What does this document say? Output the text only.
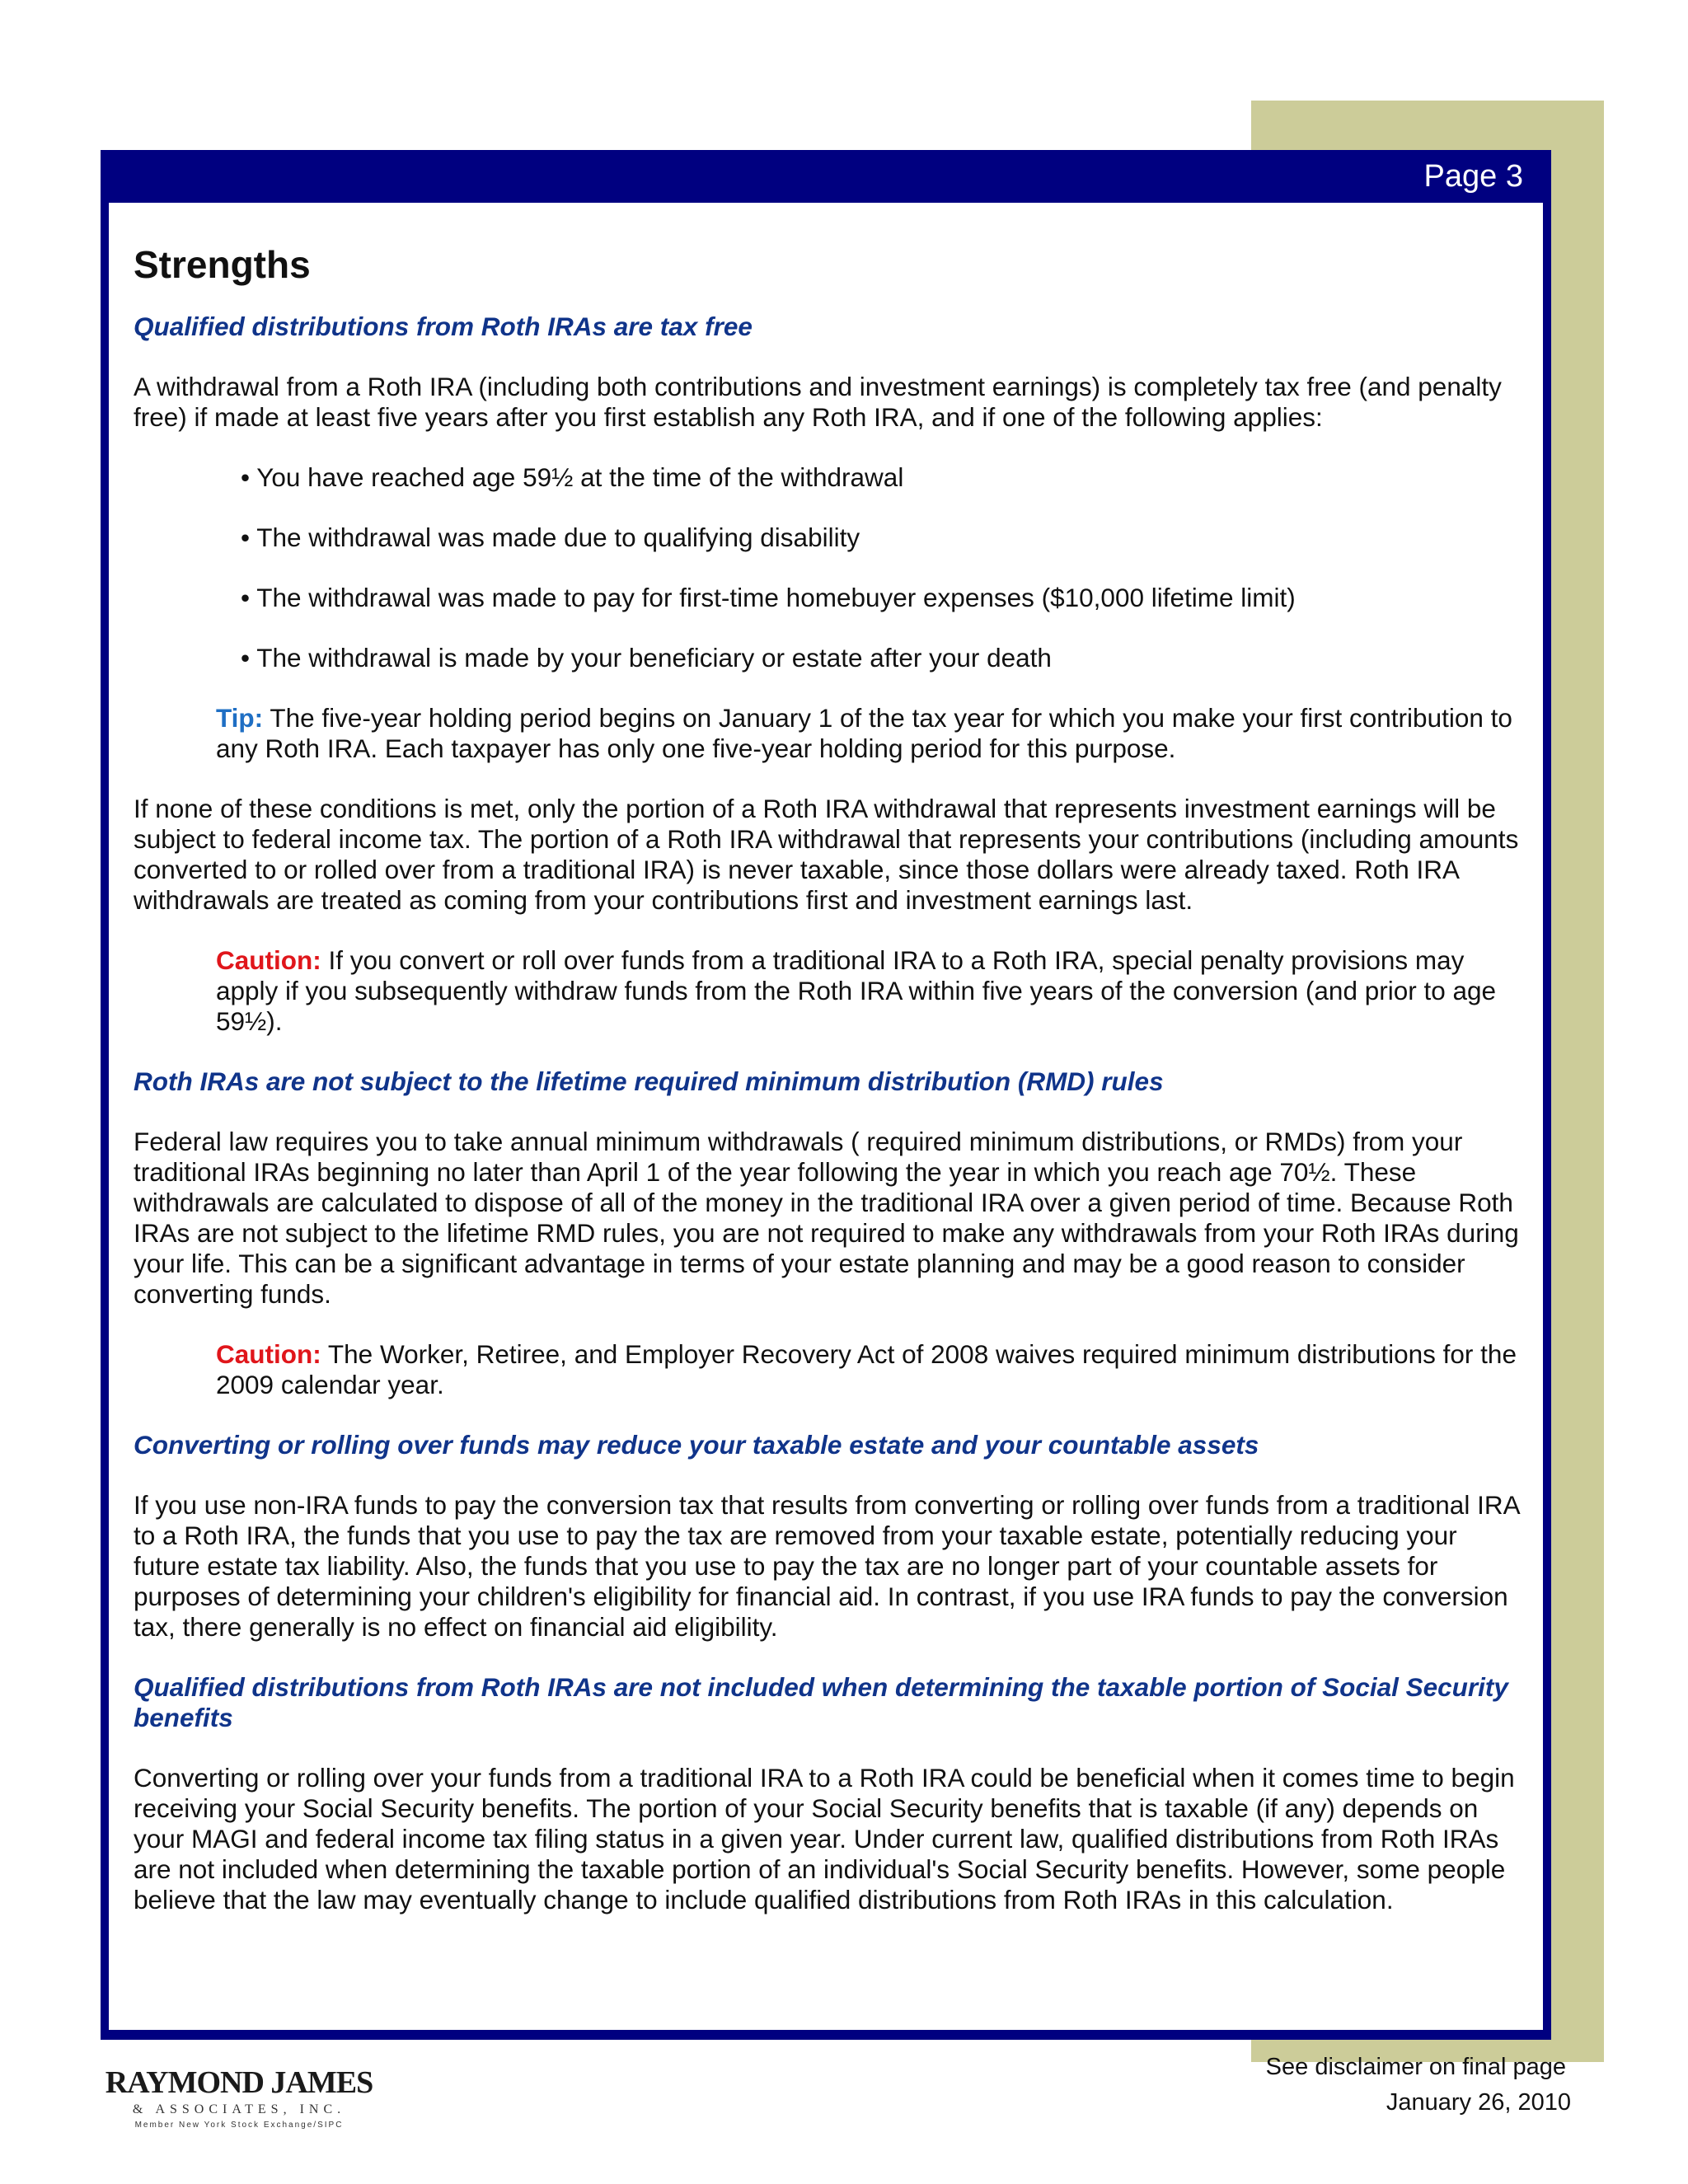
Page 3
Strengths
Qualified distributions from Roth IRAs are tax free

A withdrawal from a Roth IRA (including both contributions and investment earnings) is completely tax free (and penalty free) if made at least five years after you first establish any Roth IRA, and if one of the following applies:

• You have reached age 59½ at the time of the withdrawal
• The withdrawal was made due to qualifying disability
• The withdrawal was made to pay for first-time homebuyer expenses ($10,000 lifetime limit)
• The withdrawal is made by your beneficiary or estate after your death
Tip: The five-year holding period begins on January 1 of the tax year for which you make your first contribution to any Roth IRA. Each taxpayer has only one five-year holding period for this purpose.

If none of these conditions is met, only the portion of a Roth IRA withdrawal that represents investment earnings will be subject to federal income tax. The portion of a Roth IRA withdrawal that represents your contributions (including amounts converted to or rolled over from a traditional IRA) is never taxable, since those dollars were already taxed. Roth IRA withdrawals are treated as coming from your contributions first and investment earnings last.

Caution: If you convert or roll over funds from a traditional IRA to a Roth IRA, special penalty provisions may apply if you subsequently withdraw funds from the Roth IRA within five years of the conversion (and prior to age 59½).
Roth IRAs are not subject to the lifetime required minimum distribution (RMD) rules

Federal law requires you to take annual minimum withdrawals ( required minimum distributions, or RMDs) from your traditional IRAs beginning no later than April 1 of the year following the year in which you reach age 70½. These withdrawals are calculated to dispose of all of the money in the traditional IRA over a given period of time. Because Roth IRAs are not subject to the lifetime RMD rules, you are not required to make any withdrawals from your Roth IRAs during your life. This can be a significant advantage in terms of your estate planning and may be a good reason to consider converting funds.

Caution: The Worker, Retiree, and Employer Recovery Act of 2008 waives required minimum distributions for the 2009 calendar year.
Converting or rolling over funds may reduce your taxable estate and your countable assets

If you use non-IRA funds to pay the conversion tax that results from converting or rolling over funds from a traditional IRA to a Roth IRA, the funds that you use to pay the tax are removed from your taxable estate, potentially reducing your future estate tax liability. Also, the funds that you use to pay the tax are no longer part of your countable assets for purposes of determining your children's eligibility for financial aid. In contrast, if you use IRA funds to pay the conversion tax, there generally is no effect on financial aid eligibility.

Qualified distributions from Roth IRAs are not included when determining the taxable portion of Social Security benefits

Converting or rolling over your funds from a traditional IRA to a Roth IRA could be beneficial when it comes time to begin receiving your Social Security benefits. The portion of your Social Security benefits that is taxable (if any) depends on your MAGI and federal income tax filing status in a given year. Under current law, qualified distributions from Roth IRAs are not included when determining the taxable portion of an individual's Social Security benefits. However, some people believe that the law may eventually change to include qualified distributions from Roth IRAs in this calculation.

RAYMOND JAMES
& ASSOCIATES, INC.
Member New York Stock Exchange/SIPC
See disclaimer on final page
January 26, 2010
